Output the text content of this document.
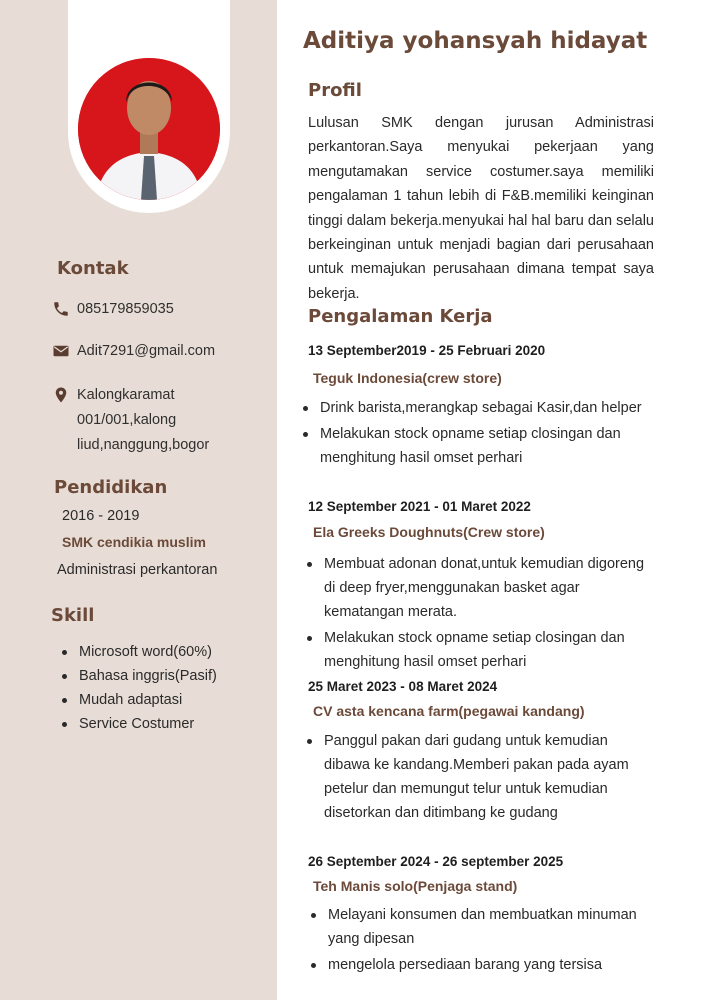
Kontak
085179859035
Adit7291@gmail.com
Kalongkaramat 001/001,kalong liud,nanggung,bogor
Pendidikan
2016 - 2019
SMK cendikia muslim
Administrasi perkantoran
Skill
Microsoft word(60%)
Bahasa inggris(Pasif)
Mudah adaptasi
Service Costumer
Aditiya yohansyah hidayat
Profil
Lulusan SMK dengan jurusan Administrasi perkantoran.Saya menyukai pekerjaan yang mengutamakan service costumer.saya memiliki pengalaman 1 tahun lebih di F&B.memiliki keinginan tinggi dalam bekerja.menyukai hal hal baru dan selalu berkeinginan untuk menjadi bagian dari perusahaan untuk memajukan perusahaan dimana tempat saya bekerja.
Pengalaman Kerja
13 September2019 - 25 Februari 2020
Teguk Indonesia(crew store)
Drink barista,merangkap sebagai Kasir,dan helper
Melakukan stock opname setiap closingan dan menghitung hasil omset perhari
12 September 2021 - 01 Maret 2022
Ela Greeks Doughnuts(Crew store)
Membuat adonan donat,untuk kemudian digoreng di deep fryer,menggunakan basket agar kematangan merata.
Melakukan stock opname setiap closingan dan menghitung hasil omset perhari
25 Maret 2023 - 08 Maret 2024
CV asta kencana farm(pegawai kandang)
Panggul pakan dari gudang untuk kemudian dibawa ke kandang.Memberi pakan pada ayam petelur dan memungut telur untuk kemudian disetorkan dan ditimbang ke gudang
26 September 2024 - 26 september 2025
Teh Manis solo(Penjaga stand)
Melayani konsumen dan membuatkan minuman yang dipesan
mengelola persediaan barang yang tersisa
